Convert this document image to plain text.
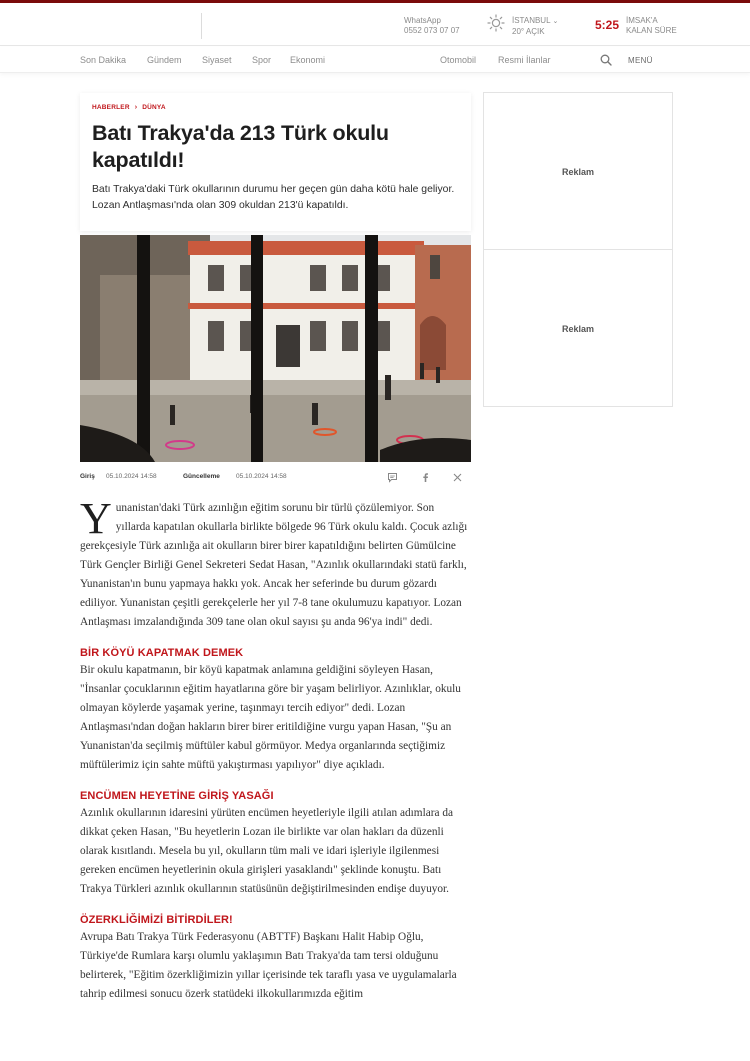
WhatsApp
0552 073 07 07
İSTANBUL ⌄
20° AÇIK	5:25 İMSAK'A
KALAN SÜRE
Son Dakika Gündem Siyaset Spor Ekonomi	Otomobil Resmi İlanlar	MENÜ
HABERLER › DÜNYA
Batı Trakya'da 213 Türk okulu kapatıldı!

Batı Trakya'daki Türk okullarının durumu her geçen gün daha kötü hale geliyor. Lozan Antlaşması'nda olan 309 okuldan 213'ü kapatıldı.

Giriş 05.10.2024 14:58	Güncelleme 05.10.2024 14:58

Yunanistan'daki Türk azınlığın eğitim sorunu bir türlü çözülemiyor. Son yıllarda kapatılan okullarla birlikte bölgede 96 Türk okulu kaldı. Çocuk azlığı gerekçesiyle Türk azınlığa ait okulların birer birer kapatıldığını belirten Gümülcine Türk Gençler Birliği Genel Sekreteri Sedat Hasan, "Azınlık okullarındaki statü farklı, Yunanistan'ın bunu yapmaya hakkı yok. Ancak her seferinde bu durum gözardı ediliyor. Yunanistan çeşitli gerekçelerle her yıl 7-8 tane okulumuzu kapatıyor. Lozan Antlaşması imzalandığında 309 tane olan okul sayısı şu anda 96'ya indi" dedi.

BİR KÖYÜ KAPATMAK DEMEK

Bir okulu kapatmanın, bir köyü kapatmak anlamına geldiğini söyleyen Hasan, "İnsanlar çocuklarının eğitim hayatlarına göre bir yaşam belirliyor. Azınlıklar, okulu olmayan köylerde yaşamak yerine, taşınmayı tercih ediyor" dedi. Lozan Antlaşması'ndan doğan hakların birer birer eritildiğine vurgu yapan Hasan, "Şu an Yunanistan'da seçilmiş müftüler kabul görmüyor. Medya organlarında seçtiğimiz müftülerimiz için sahte müftü yakıştırması yapılıyor" diye açıkladı.

ENCÜMEN HEYETİNE GİRİŞ YASAĞI

Azınlık okullarının idaresini yürüten encümen heyetleriyle ilgili atılan adımlara da dikkat çeken Hasan, "Bu heyetlerin Lozan ile birlikte var olan hakları da düzenli olarak kısıtlandı. Mesela bu yıl, okulların tüm mali ve idari işleriyle ilgilenmesi gereken encümen heyetlerinin okula girişleri yasaklandı" şeklinde konuştu. Batı Trakya Türkleri azınlık okullarının statüsünün değiştirilmesinden endişe duyuyor.

ÖZERKLİĞİMİZİ BİTİRDİLER!

Avrupa Batı Trakya Türk Federasyonu (ABTTF) Başkanı Halit Habip Oğlu, Türkiye'de Rumlara karşı olumlu yaklaşımın Batı Trakya'da tam tersi olduğunu belirterek, "Eğitim özerkliğimizin yıllar içerisinde tek taraflı yasa ve uygulamalarla tahrip edilmesi sonucu özerk statüdeki ilkokullarımızda eğitim

Reklam
Reklam
